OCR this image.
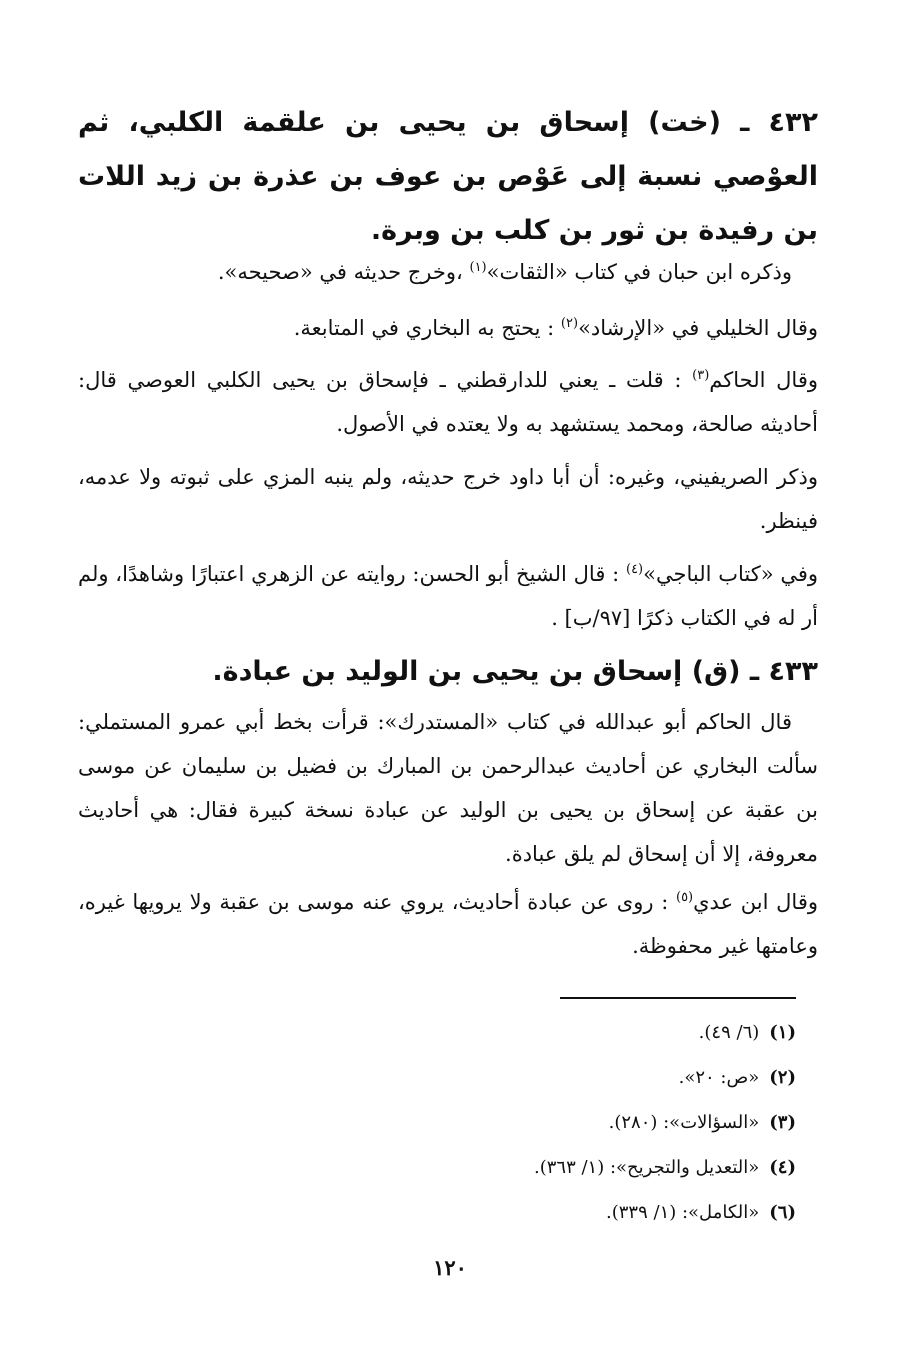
٤٣٢ ـ (خت) إسحاق بن يحيى بن علقمة الكلبي، ثم العوْصي نسبة إلى عَوْص بن عوف بن عذرة بن زيد اللات بن رفيدة بن ثور بن كلب بن وبرة.

وذكره ابن حبان في كتاب «الثقات»$^{(١)}$ ،وخرج حديثه في «صحيحه».

وقال الخليلي في «الإرشاد»$^{(٢)}$ : يحتج به البخاري في المتابعة.

وقال الحاكم$^{(٣)}$ : قلت ـ يعني للدارقطني ـ فإسحاق بن يحيى الكلبي العوصي قال: أحاديثه صالحة، ومحمد يستشهد به ولا يعتده في الأصول.

وذكر الصريفيني، وغيره: أن أبا داود خرج حديثه، ولم ينبه المزي على ثبوته ولا عدمه، فينظر.

وفي «كتاب الباجي»$^{(٤)}$ : قال الشيخ أبو الحسن: روايته عن الزهري اعتبارًا وشاهدًا، ولم أر له في الكتاب ذكرًا [٩٧/ب] .

٤٣٣ ـ (ق) إسحاق بن يحيى بن الوليد بن عبادة.

قال الحاكم أبو عبدالله في كتاب «المستدرك»: قرأت بخط أبي عمرو المستملي: سألت البخاري عن أحاديث عبدالرحمن بن المبارك بن فضيل بن سليمان عن موسى بن عقبة عن إسحاق بن يحيى بن الوليد عن عبادة نسخة كبيرة فقال: هي أحاديث معروفة، إلا أن إسحاق لم يلق عبادة.

وقال ابن عدي$^{(٥)}$ : روى عن عبادة أحاديث، يروي عنه موسى بن عقبة ولا يرويها غيره، وعامتها غير محفوظة.

(١)(٦/ ٤٩).
(٢)«ص: ٢٠».
(٣)«السؤالات»: (٢٨٠).
(٤)«التعديل والتجريح»: (١/ ٣٦٣).
(٦)«الكامل»: (١/ ٣٣٩).
١٢٠
